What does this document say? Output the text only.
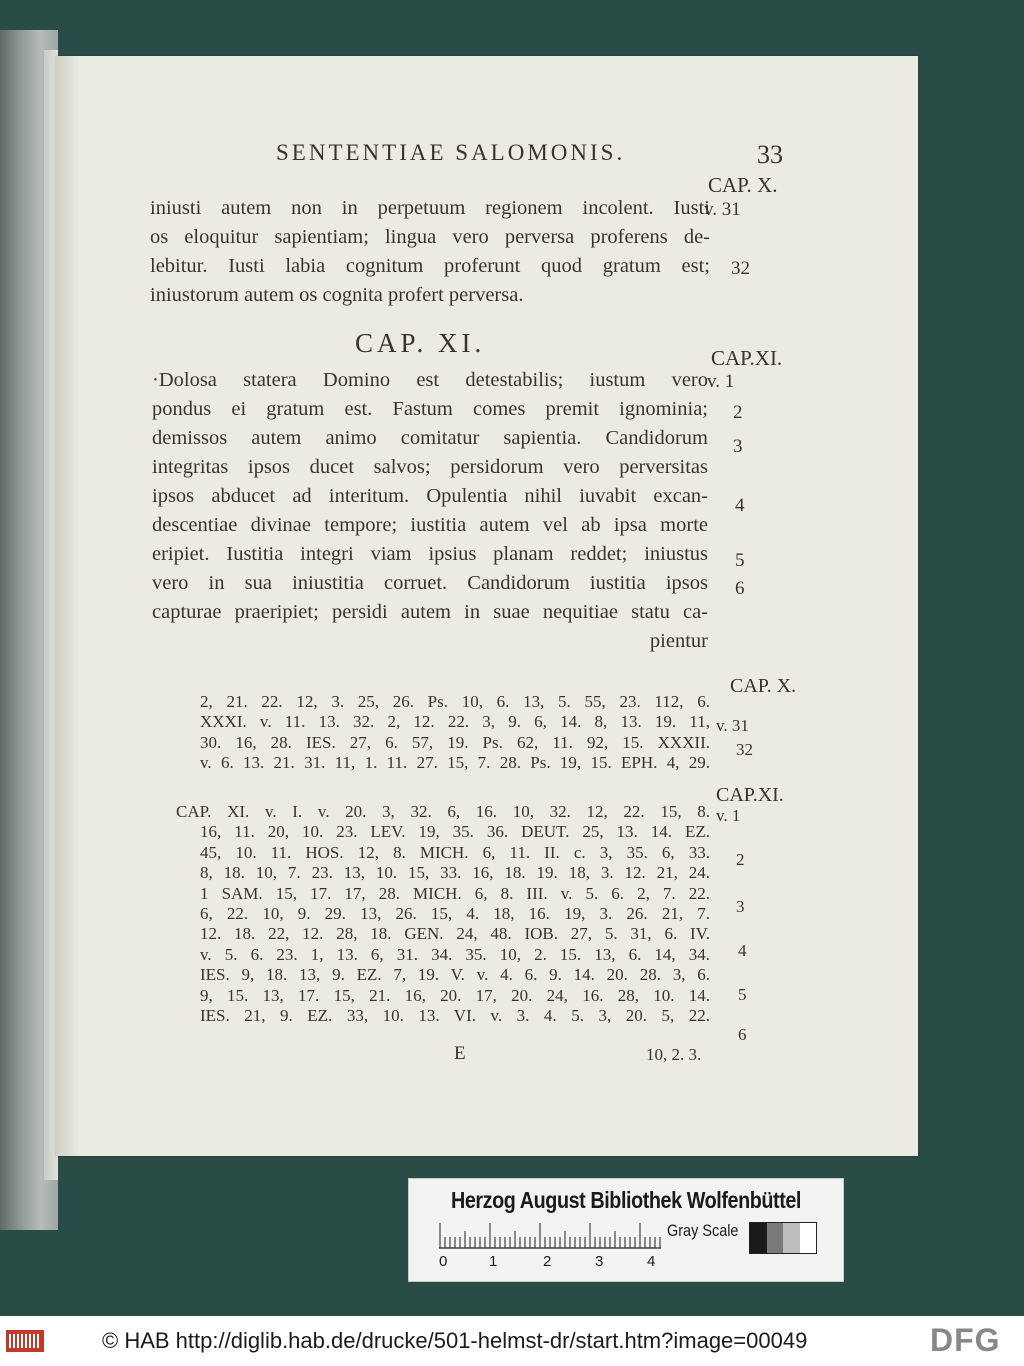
SENTENTIAE SALOMONIS.	33
CAP. X.
v. 31
32
iniusti autem non in perpetuum regionem incolent. Iusti
os eloquitur sapientiam; lingua vero perversa proferens de-
lebitur. Iusti labia cognitum proferunt quod gratum est;
iniustorum autem os cognita profert perversa.
CAP. XI.	CAP.XI.
·Dolosa statera Domino est detestabilis; iustum vero
pondus ei gratum est. Fastum comes premit ignominia;
demissos autem animo comitatur sapientia. Candidorum
integritas ipsos ducet salvos; persidorum vero perversitas
ipsos abducet ad interitum. Opulentia nihil iuvabit excan-
descentiae divinae tempore; iustitia autem vel ab ipsa morte
eripiet. Iustitia integri viam ipsius planam reddet; iniustus
vero in sua iniustitia corruet. Candidorum iustitia ipsos
capturae praeripiet; persidi autem in suae nequitiae statu ca-
pientur
v. 1
2
3
4
5
6
CAP. X.
2, 21. 22. 12, 3. 25, 26. Ps. 10, 6. 13, 5. 55, 23. 112, 6.
XXXI. v. 11. 13. 32. 2, 12. 22. 3, 9. 6, 14. 8, 13. 19. 11,
30. 16, 28. IES. 27, 6. 57, 19. Ps. 62, 11. 92, 15. XXXII.
v. 6. 13. 21. 31. 11, 1. 11. 27. 15, 7. 28. Ps. 19, 15. EPH. 4, 29.
v. 31
32
CAP.XI.
CAP. XI. v. I. v. 20. 3, 32. 6, 16. 10, 32. 12, 22. 15, 8.
16, 11. 20, 10. 23. LEV. 19, 35. 36. DEUT. 25, 13. 14. EZ.
45, 10. 11. HOS. 12, 8. MICH. 6, 11. II. c. 3, 35. 6, 33.
8, 18. 10, 7. 23. 13, 10. 15, 33. 16, 18. 19. 18, 3. 12. 21, 24.
1 SAM. 15, 17. 17, 28. MICH. 6, 8. III. v. 5. 6. 2, 7. 22.
6, 22. 10, 9. 29. 13, 26. 15, 4. 18, 16. 19, 3. 26. 21, 7.
12. 18. 22, 12. 28, 18. GEN. 24, 48. IOB. 27, 5. 31, 6. IV.
v. 5. 6. 23. 1, 13. 6, 31. 34. 35. 10, 2. 15. 13, 6. 14, 34.
IES. 9, 18. 13, 9. EZ. 7, 19. V. v. 4. 6. 9. 14. 20. 28. 3, 6.
9, 15. 13, 17. 15, 21. 16, 20. 17, 20. 24, 16. 28, 10. 14.
IES. 21, 9. EZ. 33, 10. 13. VI. v. 3. 4. 5. 3, 20. 5, 22.
v. 1
2
3
4
5
6
E	10, 2. 3.
Herzog August Bibliothek Wolfenbüttel
0	1	2	3	4
Gray Scale
© HAB http://diglib.hab.de/drucke/501-helmst-dr/start.htm?image=00049	DFG
